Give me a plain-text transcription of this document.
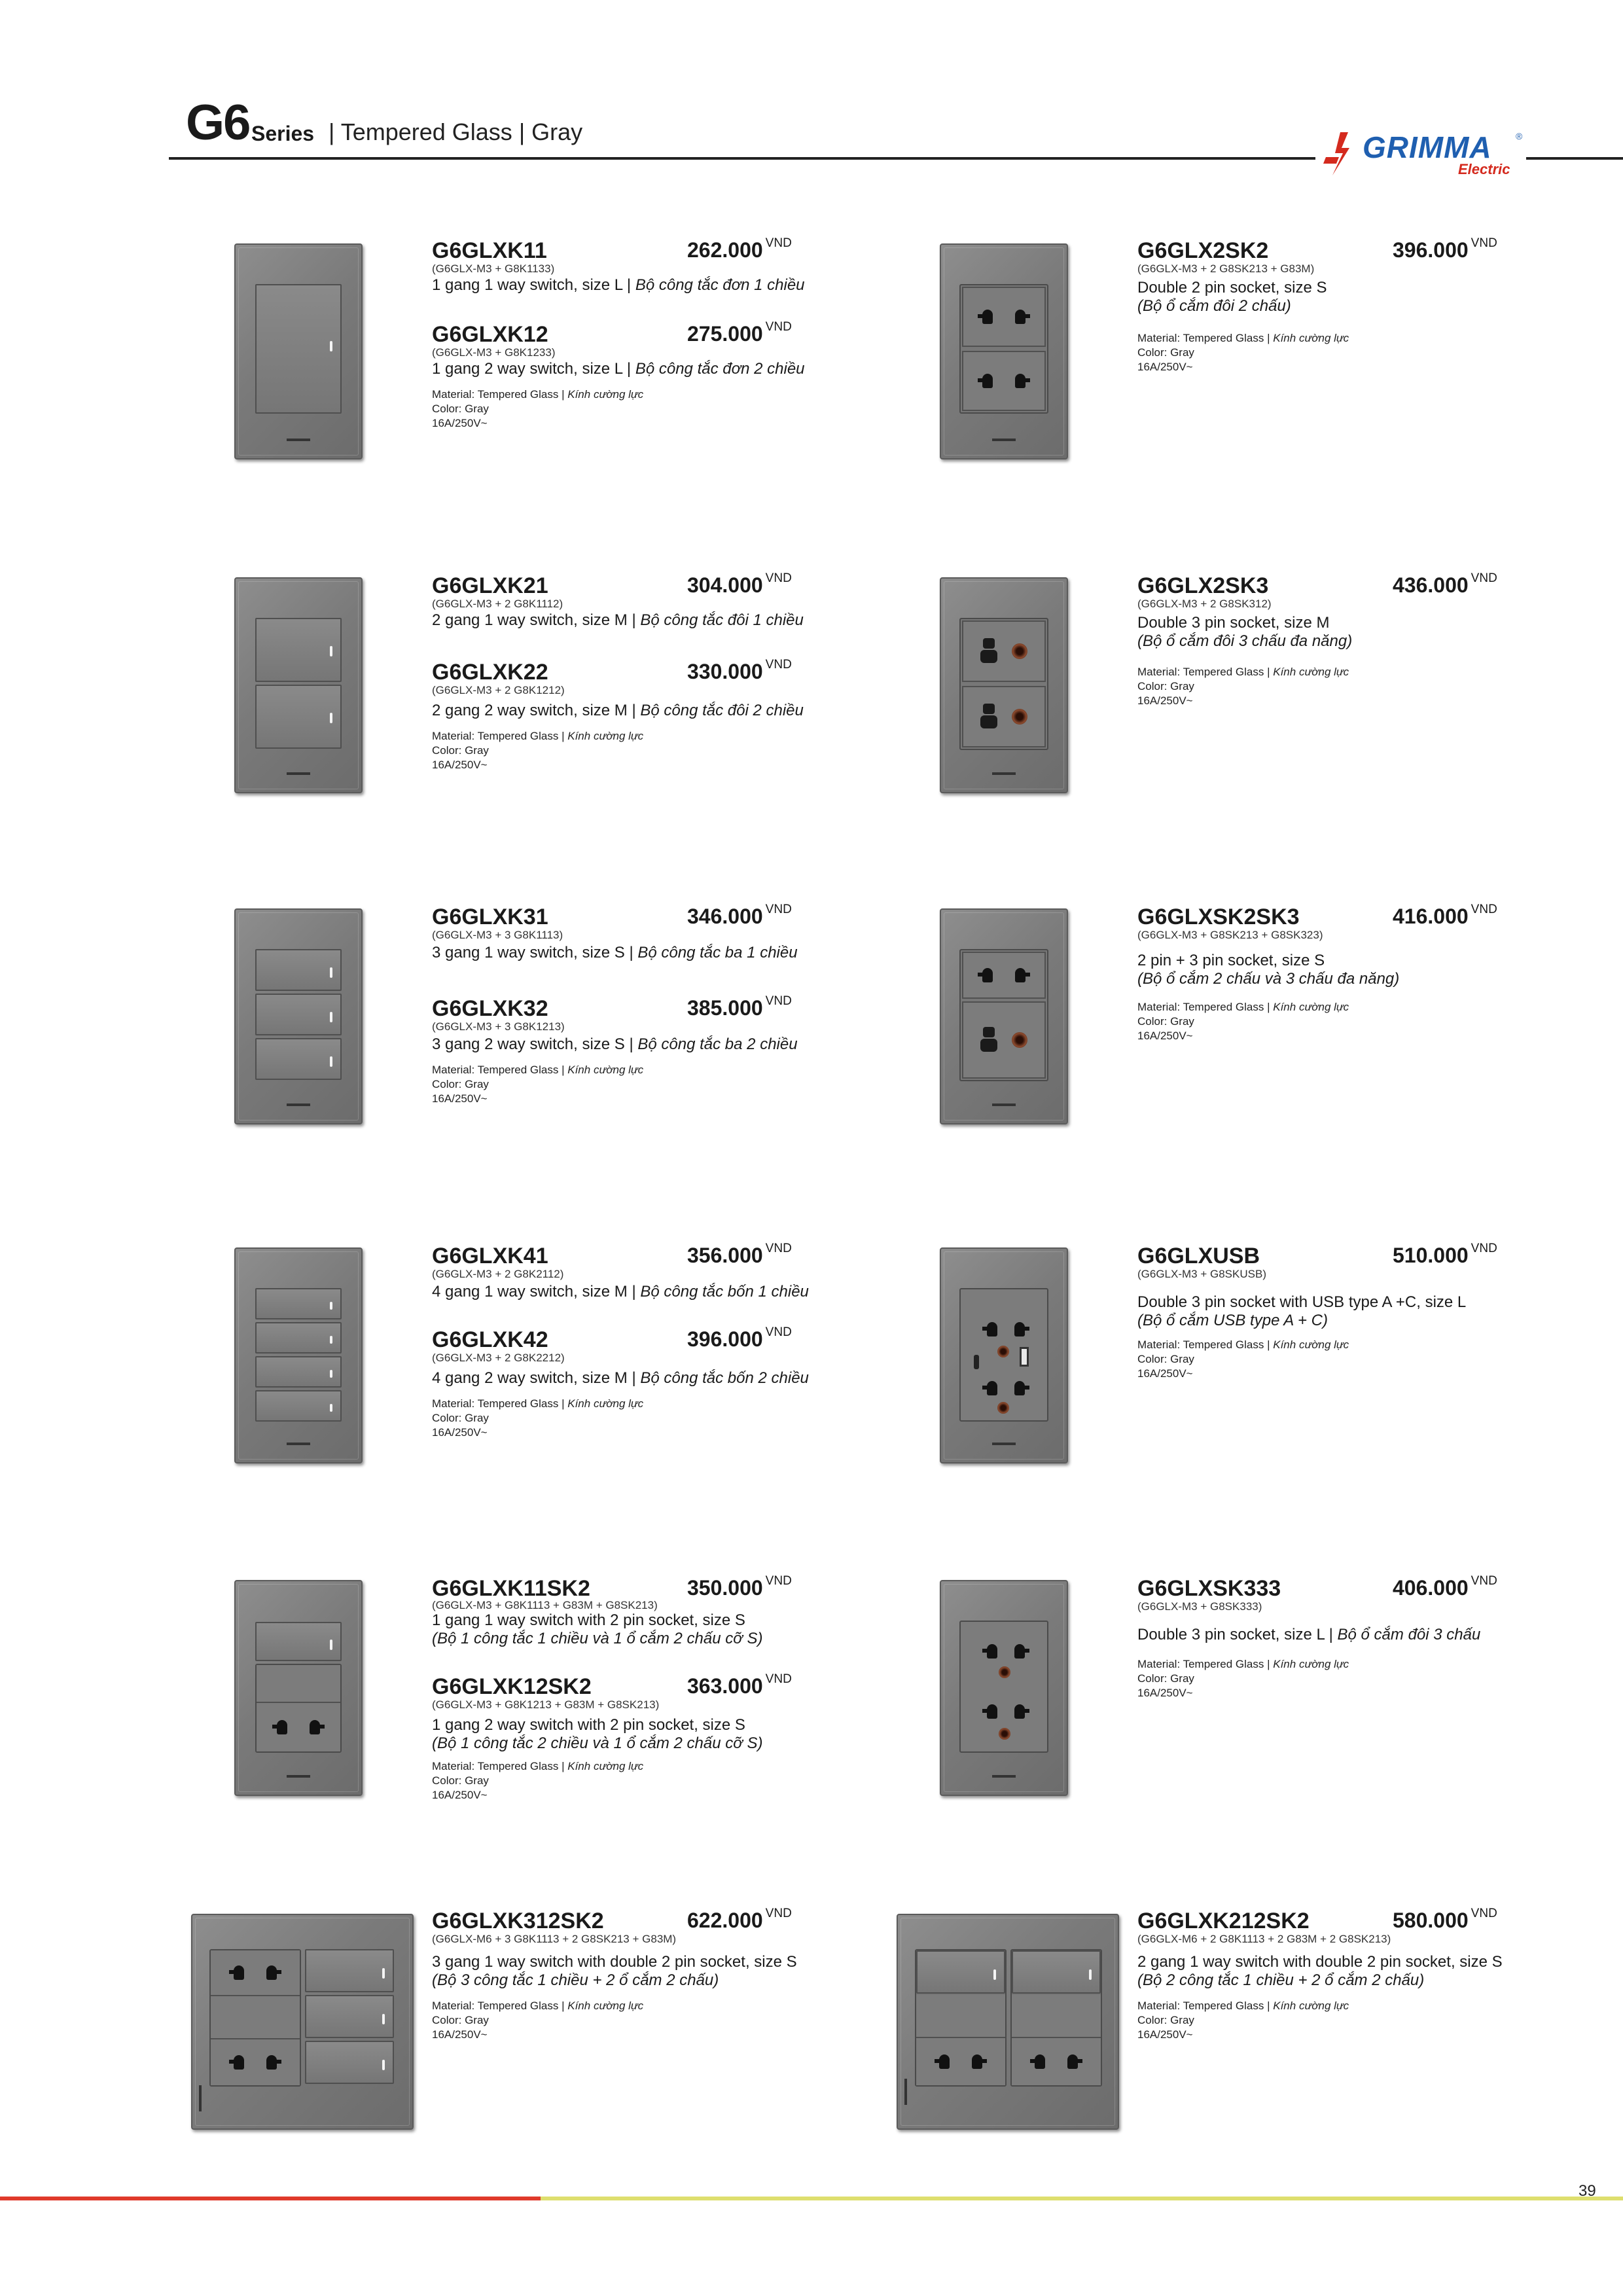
G6 Series | Tempered Glass | Gray	GRIMMA	®
Electric
G6GLXK11	262.000 $^{VND}$
(G6GLX-M3 + G8K1133)
1 gang 1 way switch, size L | Bộ công tắc đơn 1 chiều
G6GLXK12	275.000 $^{VND}$
(G6GLX-M3 + G8K1233)
1 gang 2 way switch, size L | Bộ công tắc đơn 2 chiều
Material: Tempered Glass | Kính cường lực
Color: Gray
16A/250V~
G6GLX2SK2	396.000 $^{VND}$
(G6GLX-M3 + 2 G8SK213 + G83M)
Double 2 pin socket, size S
(Bộ ổ cắm đôi 2 chấu)
Material: Tempered Glass | Kính cường lực
Color: Gray
16A/250V~
G6GLXK21	304.000 $^{VND}$
(G6GLX-M3 + 2 G8K1112)
2 gang 1 way switch, size M | Bộ công tắc đôi 1 chiều
G6GLXK22	330.000 $^{VND}$
(G6GLX-M3 + 2 G8K1212)
2 gang 2 way switch, size M | Bộ công tắc đôi 2 chiều
Material: Tempered Glass | Kính cường lực
Color: Gray
16A/250V~
G6GLX2SK3	436.000 $^{VND}$
(G6GLX-M3 + 2 G8SK312)
Double 3 pin socket, size M
(Bộ ổ cắm đôi 3 chấu đa năng)
Material: Tempered Glass | Kính cường lực
Color: Gray
16A/250V~
G6GLXK31	346.000 $^{VND}$
(G6GLX-M3 + 3 G8K1113)
3 gang 1 way switch, size S | Bộ công tắc ba 1 chiều
G6GLXK32	385.000 $^{VND}$
(G6GLX-M3 + 3 G8K1213)
3 gang 2 way switch, size S | Bộ công tắc ba 2 chiều
Material: Tempered Glass | Kính cường lực
Color: Gray
16A/250V~
G6GLXSK2SK3	416.000 $^{VND}$
(G6GLX-M3 + G8SK213 + G8SK323)
2 pin + 3 pin socket, size S
(Bộ ổ cắm 2 chấu và 3 chấu đa năng)
Material: Tempered Glass | Kính cường lực
Color: Gray
16A/250V~
G6GLXK41	356.000 $^{VND}$
(G6GLX-M3 + 2 G8K2112)
4 gang 1 way switch, size M | Bộ công tắc bốn 1 chiều
G6GLXK42	396.000 $^{VND}$
(G6GLX-M3 + 2 G8K2212)
4 gang 2 way switch, size M | Bộ công tắc bốn 2 chiều
Material: Tempered Glass | Kính cường lực
Color: Gray
16A/250V~
G6GLXUSB	510.000 $^{VND}$
(G6GLX-M3 + G8SKUSB)
Double 3 pin socket with USB type A +C, size L
(Bộ ổ cắm USB type A + C)
Material: Tempered Glass | Kính cường lực
Color: Gray
16A/250V~
G6GLXK11SK2	350.000 $^{VND}$
(G6GLX-M3 + G8K1113 + G83M + G8SK213)
1 gang 1 way switch with 2 pin socket, size S
(Bộ 1 công tắc 1 chiều và 1 ổ cắm 2 chấu cỡ S)
G6GLXK12SK2	363.000 $^{VND}$
(G6GLX-M3 + G8K1213 + G83M + G8SK213)
1 gang 2 way switch with 2 pin socket, size S
(Bộ 1 công tắc 2 chiều và 1 ổ cắm 2 chấu cỡ S)
Material: Tempered Glass | Kính cường lực
Color: Gray
16A/250V~
G6GLXSK333	406.000 $^{VND}$
(G6GLX-M3 + G8SK333)
Double 3 pin socket, size L | Bộ ổ cắm đôi 3 chấu
Material: Tempered Glass | Kính cường lực
Color: Gray
16A/250V~
G6GLXK312SK2	622.000 $^{VND}$
(G6GLX-M6 + 3 G8K1113 + 2 G8SK213 + G83M)
3 gang 1 way switch with double 2 pin socket, size S
(Bộ 3 công tắc 1 chiều + 2 ổ cắm 2 chấu)
Material: Tempered Glass | Kính cường lực
Color: Gray
16A/250V~
G6GLXK212SK2	580.000 $^{VND}$
(G6GLX-M6 + 2 G8K1113 + 2 G83M + 2 G8SK213)
2 gang 1 way switch with double 2 pin socket, size S
(Bộ 2 công tắc 1 chiều + 2 ổ cắm 2 chấu)
Material: Tempered Glass | Kính cường lực
Color: Gray
16A/250V~
39
